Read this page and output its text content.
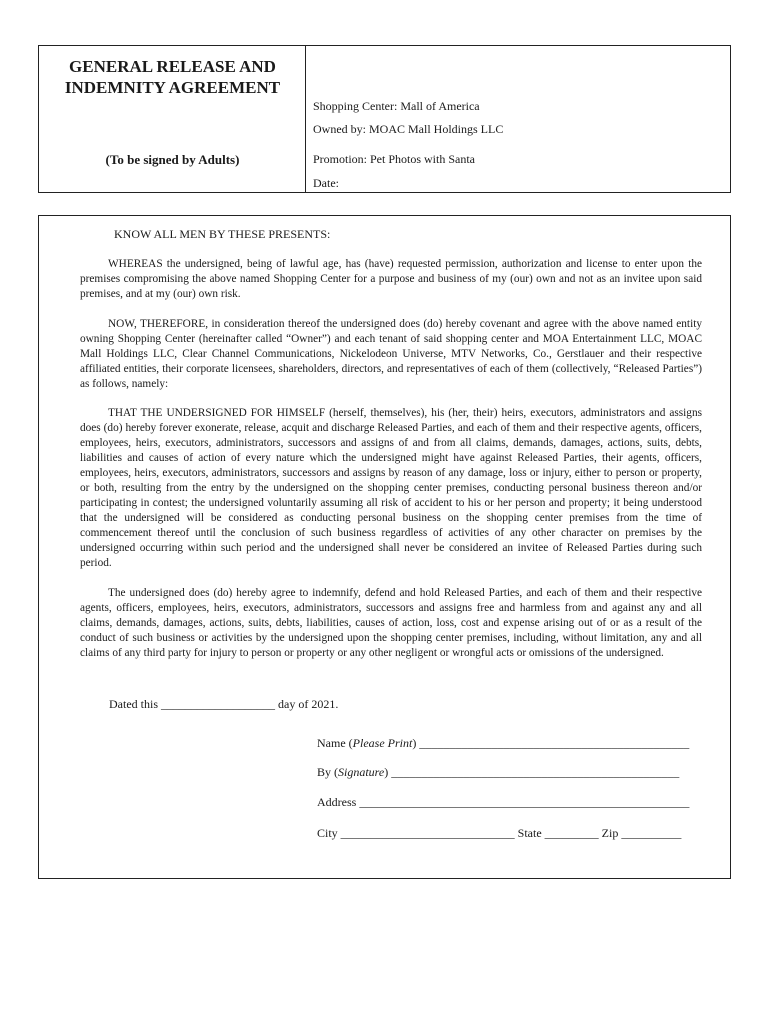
GENERAL RELEASE AND
INDEMNITY AGREEMENT
(To be signed by Adults)
Shopping Center: Mall of America
Owned by: MOAC Mall Holdings LLC
Promotion: Pet Photos with Santa
Date:
KNOW ALL MEN BY THESE PRESENTS:

WHEREAS the undersigned, being of lawful age, has (have) requested permission, authorization and license to enter upon the premises compromising the above named Shopping Center for a purpose and business of my (our) own and not as an invitee upon said premises, and at my (our) own risk.

NOW, THEREFORE, in consideration thereof the undersigned does (do) hereby covenant and agree with the above named entity owning Shopping Center (hereinafter called “Owner”) and each tenant of said shopping center and MOA Entertainment LLC, MOAC Mall Holdings LLC, Clear Channel Communications, Nickelodeon Universe, MTV Networks, Co., Gerstlauer and their respective affiliated entities, their corporate licensees, shareholders, directors, and representatives of each of them (collectively, “Released Parties”) as follows, namely:

THAT THE UNDERSIGNED FOR HIMSELF (herself, themselves), his (her, their) heirs, executors, administrators and assigns does (do) hereby forever exonerate, release, acquit and discharge Released Parties, and each of them and their respective agents, officers, employees, heirs, executors, administrators, successors and assigns of and from all claims, demands, damages, actions, suits, debts, liabilities and causes of action of every nature which the undersigned might have against Released Parties, their agents, officers, employees, heirs, executors, administrators, successors and assigns by reason of any damage, loss or injury, either to person or property, or both, resulting from the entry by the undersigned on the shopping center premises, conducting personal business thereon and/or participating in contest; the undersigned voluntarily assuming all risk of accident to his or her person and property; it being understood that the undersigned will be considered as conducting personal business on the shopping center premises from the time of commencement thereof until the conclusion of such business regardless of activities of any other character on premises by the undersigned occurring within such period and the undersigned shall never be considered an invitee of Released Parties during such period.

The undersigned does (do) hereby agree to indemnify, defend and hold Released Parties, and each of them and their respective agents, officers, employees, heirs, executors, administrators, successors and assigns free and harmless from and against any and all claims, demands, damages, actions, suits, debts, liabilities, causes of action, loss, cost and expense arising out of or as a result of the conduct of such business or activities by the undersigned upon the shopping center premises, including, without limitation, any and all claims of any third party for injury to person or property or any other negligent or wrongful acts or omissions of the undersigned.

Dated this ___________________ day of 2021.
Name (Please Print) _____________________________________________
By (Signature) ________________________________________________
Address _______________________________________________________
City _____________________________ State _________ Zip __________
